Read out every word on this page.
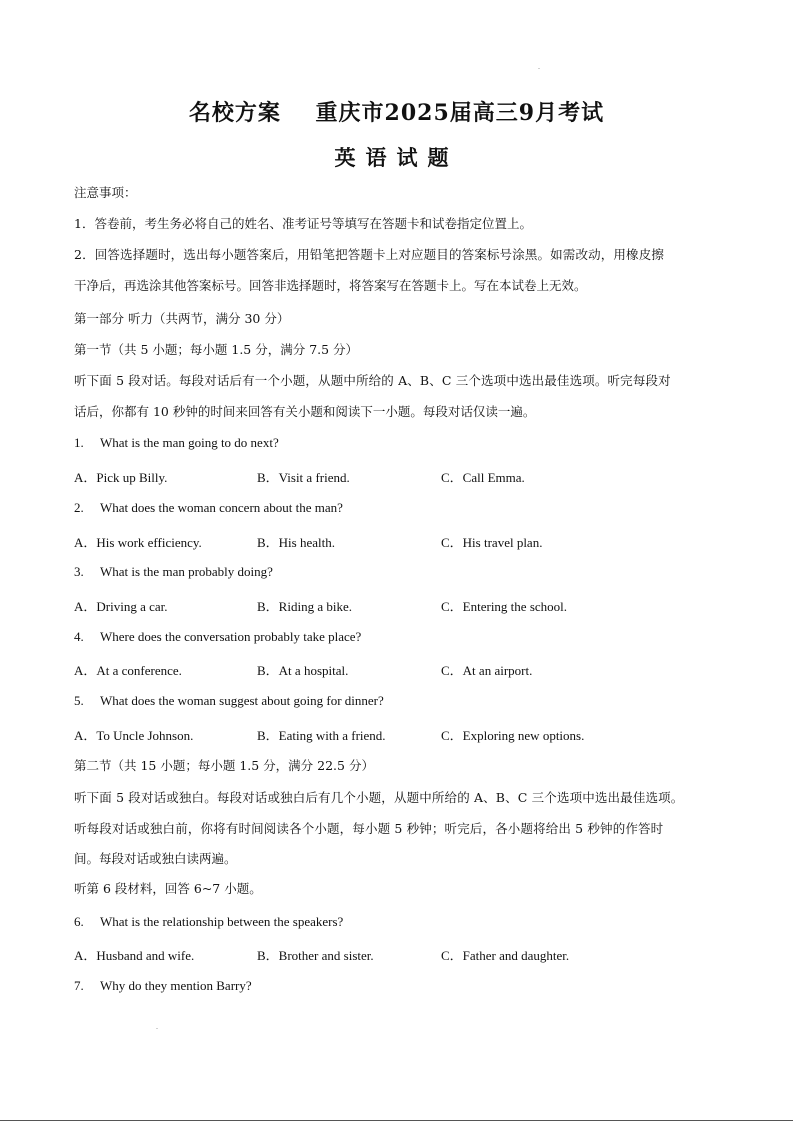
.
名校方案    重庆市2025届高三9月考试
英语试题
注意事项：
1．答卷前，考生务必将自己的姓名、准考证号等填写在答题卡和试卷指定位置上。
2．回答选择题时，选出每小题答案后，用铅笔把答题卡上对应题目的答案标号涂黑。如需改动，用橡皮擦
干净后，再选涂其他答案标号。回答非选择题时，将答案写在答题卡上。写在本试卷上无效。
第一部分 听力（共两节，满分 30 分）
第一节（共 5 小题；每小题 1.5 分，满分 7.5 分）
听下面 5 段对话。每段对话后有一个小题，从题中所给的 A、B、C 三个选项中选出最佳选项。听完每段对
话后，你都有 10 秒钟的时间来回答有关小题和阅读下一小题。每段对话仅读一遍。
1. What is the man going to do next?
A．Pick up Billy.	B．Visit a friend.	C．Call Emma.
2. What does the woman concern about the man?
A．His work efficiency.	B．His health.	C．His travel plan.
3. What is the man probably doing?
A．Driving a car.	B．Riding a bike.	C．Entering the school.
4. Where does the conversation probably take place?
A．At a conference.	B．At a hospital.	C．At an airport.
5. What does the woman suggest about going for dinner?
A．To Uncle Johnson.	B．Eating with a friend.	C．Exploring new options.
第二节（共 15 小题；每小题 1.5 分，满分 22.5 分）
听下面 5 段对话或独白。每段对话或独白后有几个小题，从题中所给的 A、B、C 三个选项中选出最佳选项。
听每段对话或独白前，你将有时间阅读各个小题，每小题 5 秒钟；听完后，各小题将给出 5 秒钟的作答时
间。每段对话或独白读两遍。
听第 6 段材料，回答 6~7 小题。
6. What is the relationship between the speakers?
A．Husband and wife.	B．Brother and sister.	C．Father and daughter.
7. Why do they mention Barry?
.
